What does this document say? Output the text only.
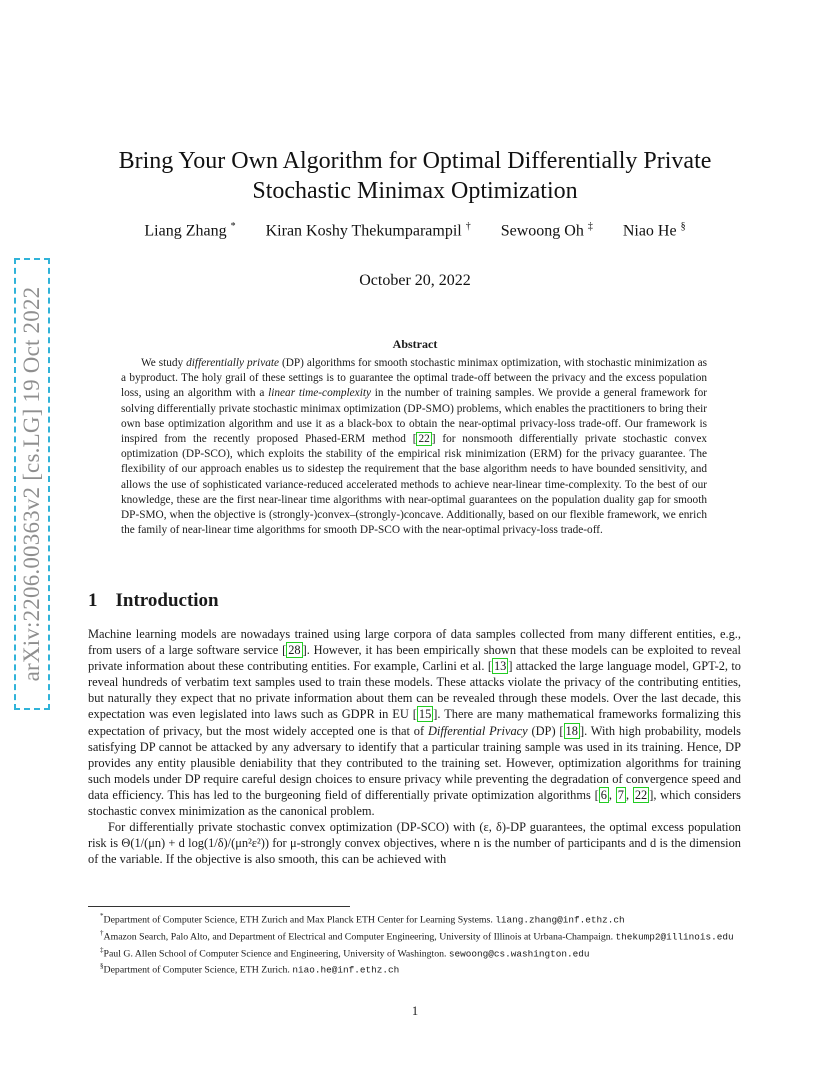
arXiv:2206.00363v2 [cs.LG] 19 Oct 2022
Bring Your Own Algorithm for Optimal Differentially Private
Stochastic Minimax Optimization
Liang Zhang * Kiran Koshy Thekumparampil † Sewoong Oh ‡ Niao He §
October 20, 2022
Abstract

We study differentially private (DP) algorithms for smooth stochastic minimax optimization, with stochastic minimization as a byproduct. The holy grail of these settings is to guarantee the optimal trade-off between the privacy and the excess population loss, using an algorithm with a linear time-complexity in the number of training samples. We provide a general framework for solving differentially private stochastic minimax optimization (DP-SMO) problems, which enables the practitioners to bring their own base optimization algorithm and use it as a black-box to obtain the near-optimal privacy-loss trade-off. Our framework is inspired from the recently proposed Phased-ERM method [ 22 ] for nonsmooth differentially private stochastic convex optimization (DP-SCO), which exploits the stability of the empirical risk minimization (ERM) for the privacy guarantee. The flexibility of our approach enables us to sidestep the requirement that the base algorithm needs to have bounded sensitivity, and allows the use of sophisticated variance-reduced accelerated methods to achieve near-linear time-complexity. To the best of our knowledge, these are the first near-linear time algorithms with near-optimal guarantees on the population duality gap for smooth DP-SMO, when the objective is (strongly-)convex–(strongly-)concave. Additionally, based on our flexible framework, we enrich the family of near-linear time algorithms for smooth DP-SCO with the near-optimal privacy-loss trade-off.

1 Introduction

Machine learning models are nowadays trained using large corpora of data samples collected from many different entities, e.g., from users of a large software service [ 28 ]. However, it has been empirically shown that these models can be exploited to reveal private information about these contributing entities. For example, Carlini et al. [ 13 ] attacked the large language model, GPT-2, to reveal hundreds of verbatim text samples used to train these models. These attacks violate the privacy of the contributing entities, but naturally they expect that no private information about them can be revealed through these models. Over the last decade, this expectation was even legislated into laws such as GDPR in EU [ 15 ]. There are many mathematical frameworks formalizing this expectation of privacy, but the most widely accepted one is that of Differential Privacy (DP) [ 18 ]. With high probability, models satisfying DP cannot be attacked by any adversary to identify that a particular training sample was used in its training. Hence, DP provides any entity plausible deniability that they contributed to the training set. However, optimization algorithms for training such models under DP require careful design choices to ensure privacy while preventing the degradation of convergence speed and data efficiency. This has led to the burgeoning field of differentially private optimization algorithms [ 6 , 7 , 22 ], which considers stochastic convex minimization as the canonical problem.

For differentially private stochastic convex optimization (DP-SCO) with (ε, δ)-DP guarantees, the optimal excess population risk is Θ(1/(μn) + d log(1/δ)/(μn²ε²)) for μ-strongly convex objectives, where n is the number of participants and d is the dimension of the variable. If the objective is also smooth, this can be achieved with

*Department of Computer Science, ETH Zurich and Max Planck ETH Center for Learning Systems. liang.zhang@inf.ethz.ch

†Amazon Search, Palo Alto, and Department of Electrical and Computer Engineering, University of Illinois at Urbana-Champaign. thekump2@illinois.edu

‡Paul G. Allen School of Computer Science and Engineering, University of Washington. sewoong@cs.washington.edu

§Department of Computer Science, ETH Zurich. niao.he@inf.ethz.ch

1
